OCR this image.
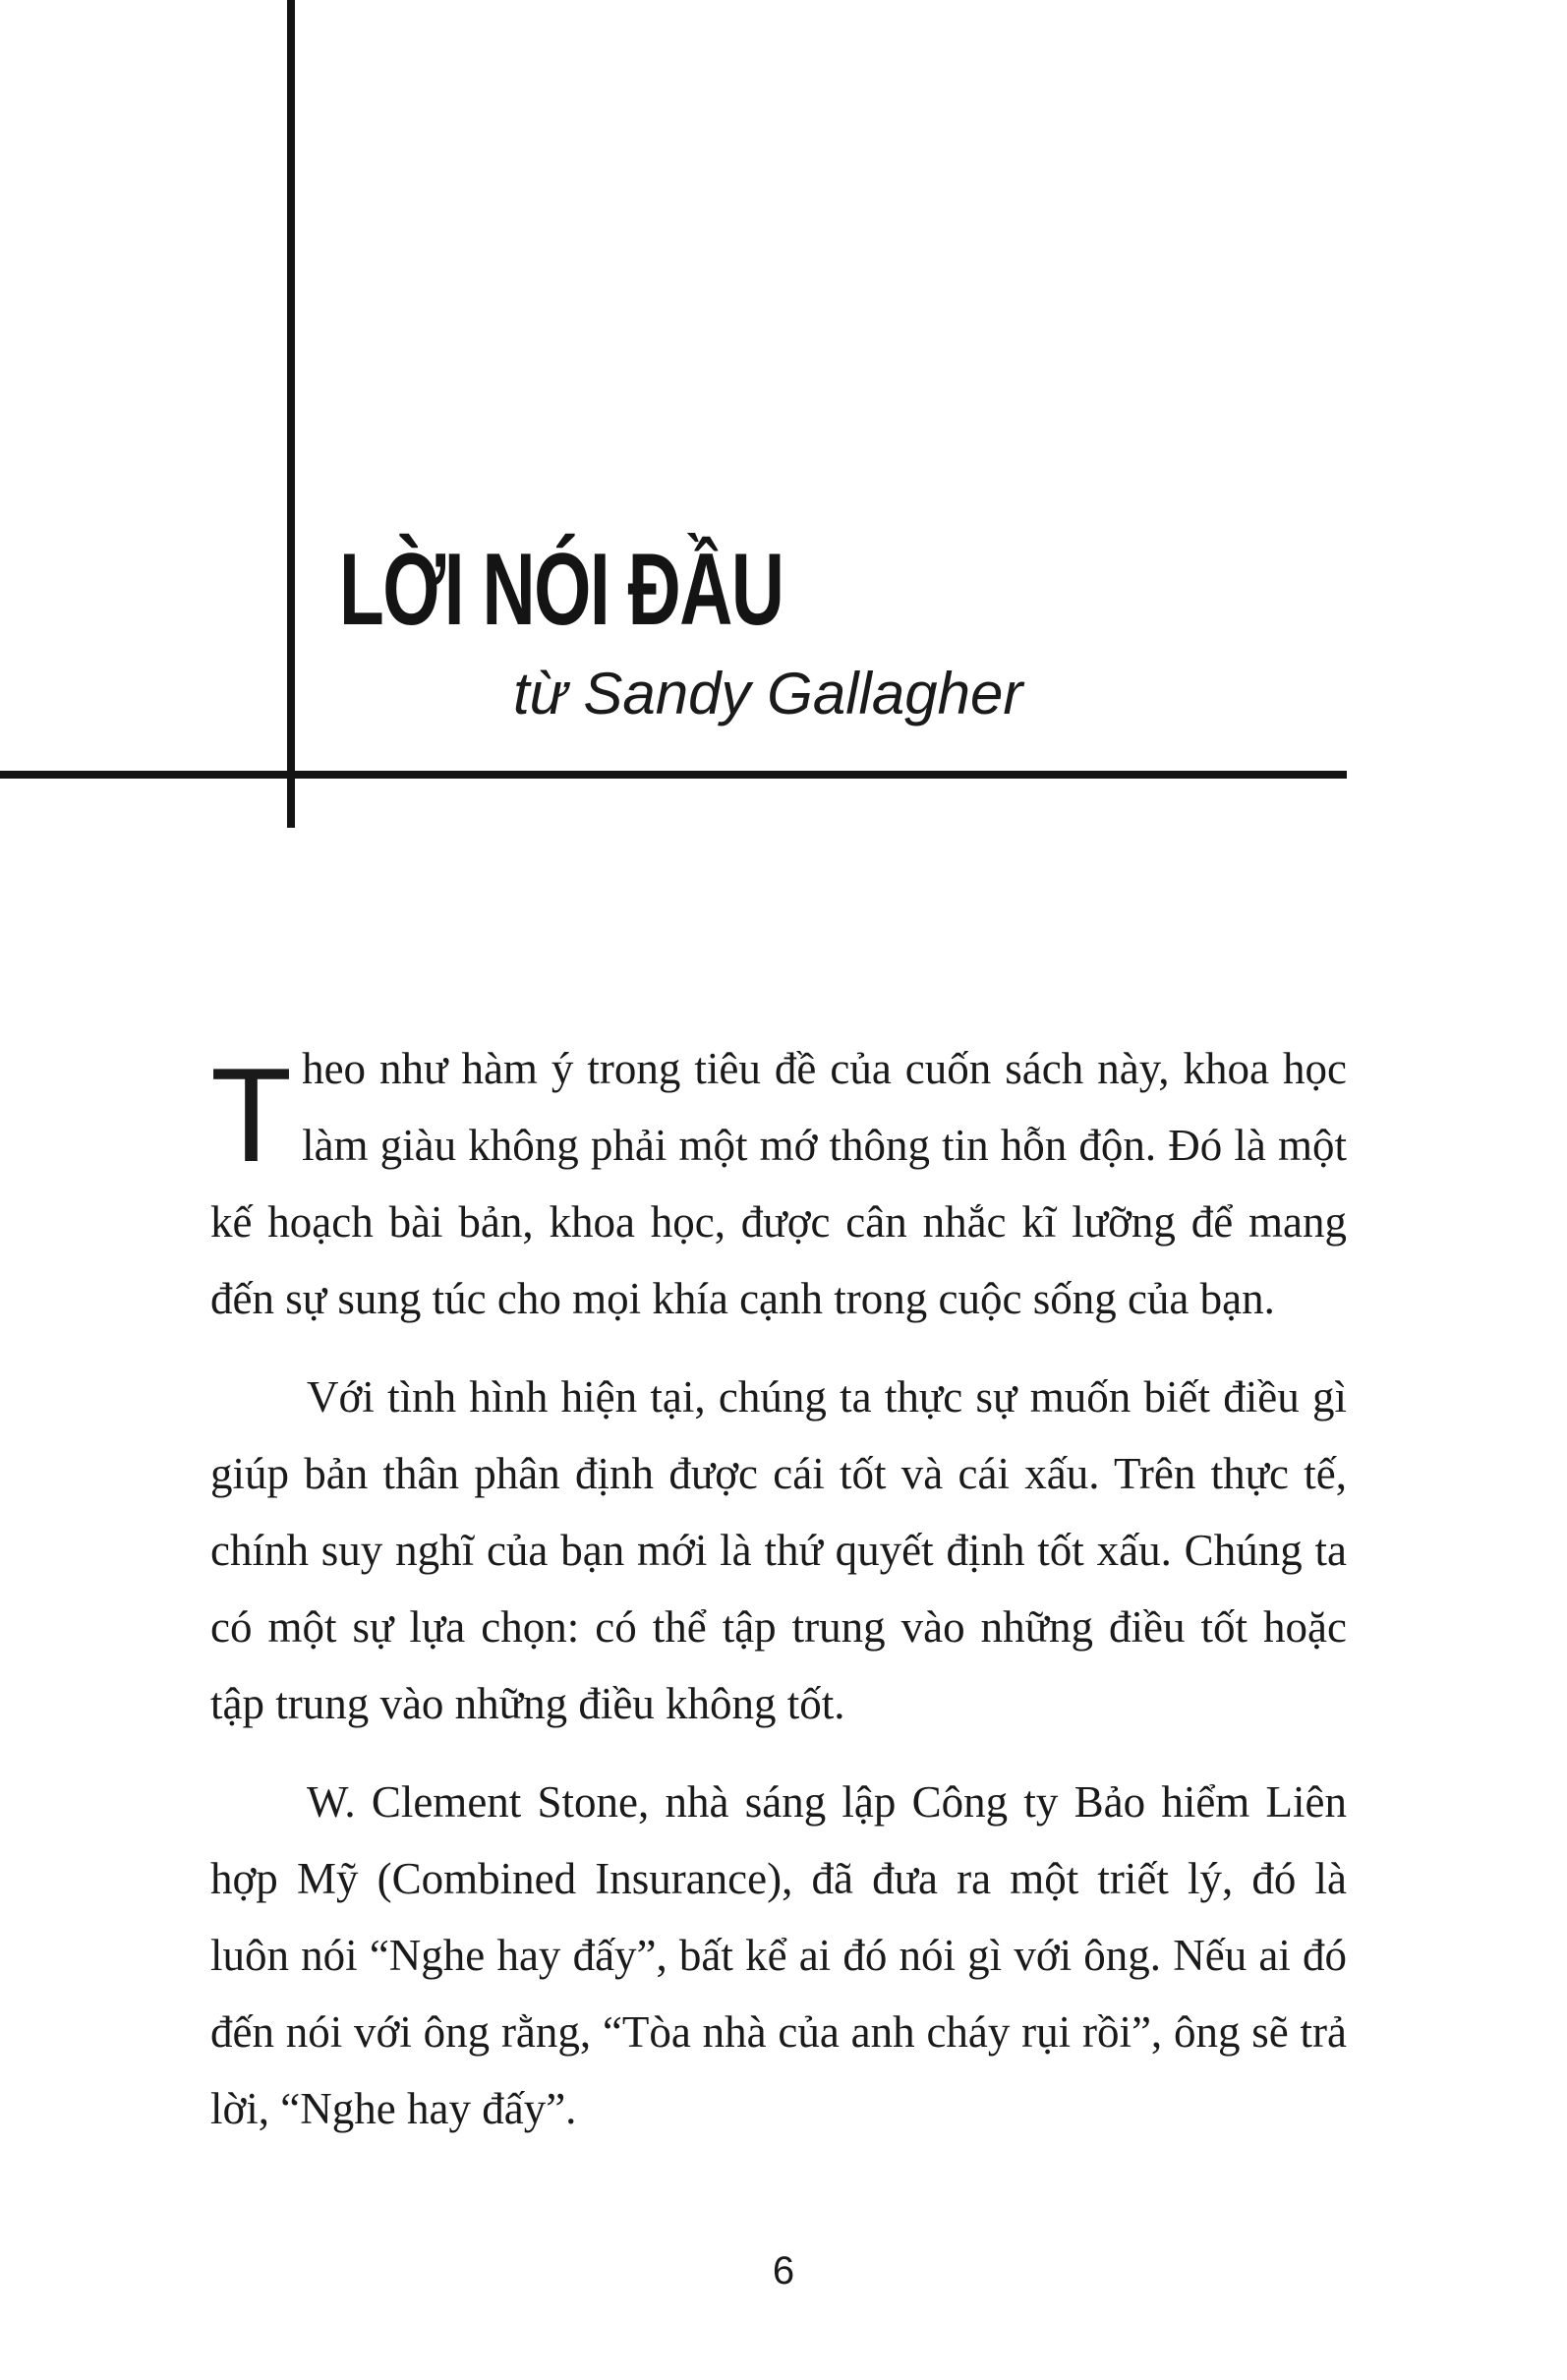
LỜI NÓI ĐẦU
từ Sandy Gallagher

Theo như hàm ý trong tiêu đề của cuốn sách này, khoa học làm giàu không phải một mớ thông tin hỗn độn. Đó là một kế hoạch bài bản, khoa học, được cân nhắc kĩ lưỡng để mang đến sự sung túc cho mọi khía cạnh trong cuộc sống của bạn.

Với tình hình hiện tại, chúng ta thực sự muốn biết điều gì giúp bản thân phân định được cái tốt và cái xấu. Trên thực tế, chính suy nghĩ của bạn mới là thứ quyết định tốt xấu. Chúng ta có một sự lựa chọn: có thể tập trung vào những điều tốt hoặc tập trung vào những điều không tốt.

W. Clement Stone, nhà sáng lập Công ty Bảo hiểm Liên hợp Mỹ (Combined Insurance), đã đưa ra một triết lý, đó là luôn nói “Nghe hay đấy”, bất kể ai đó nói gì với ông. Nếu ai đó đến nói với ông rằng, “Tòa nhà của anh cháy rụi rồi”, ông sẽ trả lời, “Nghe hay đấy”.

6
